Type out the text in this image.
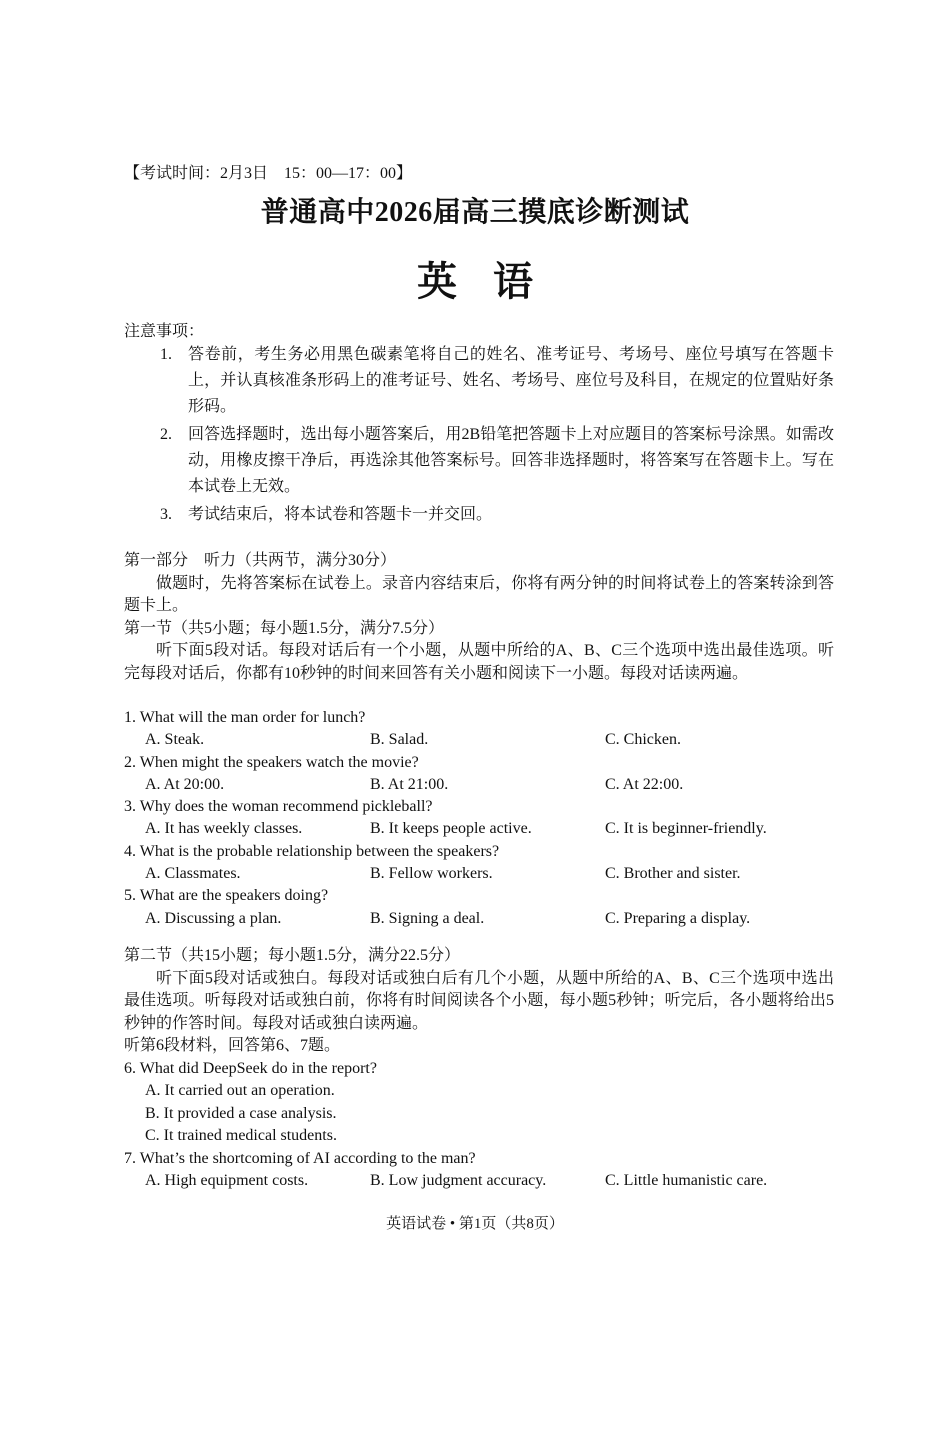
【考试时间：2月3日　15：00—17：00】
普通高中2026届高三摸底诊断测试
英语
注意事项：
1. 答卷前，考生务必用黑色碳素笔将自己的姓名、准考证号、考场号、座位号填写在答题卡上，并认真核准条形码上的准考证号、姓名、考场号、座位号及科目，在规定的位置贴好条形码。
2. 回答选择题时，选出每小题答案后，用2B铅笔把答题卡上对应题目的答案标号涂黑。如需改动，用橡皮擦干净后，再选涂其他答案标号。回答非选择题时，将答案写在答题卡上。写在本试卷上无效。
3. 考试结束后，将本试卷和答题卡一并交回。
第一部分　听力（共两节，满分30分）
做题时，先将答案标在试卷上。录音内容结束后，你将有两分钟的时间将试卷上的答案转涂到答题卡上。
第一节（共5小题；每小题1.5分，满分7.5分）
听下面5段对话。每段对话后有一个小题，从题中所给的A、B、C三个选项中选出最佳选项。听完每段对话后，你都有10秒钟的时间来回答有关小题和阅读下一小题。每段对话读两遍。
1. What will the man order for lunch?
A. Steak.	B. Salad.	C. Chicken.
2. When might the speakers watch the movie?
A. At 20:00.	B. At 21:00.	C. At 22:00.
3. Why does the woman recommend pickleball?
A. It has weekly classes.	B. It keeps people active.	C. It is beginner-friendly.
4. What is the probable relationship between the speakers?
A. Classmates.	B. Fellow workers.	C. Brother and sister.
5. What are the speakers doing?
A. Discussing a plan.	B. Signing a deal.	C. Preparing a display.
第二节（共15小题；每小题1.5分，满分22.5分）
听下面5段对话或独白。每段对话或独白后有几个小题，从题中所给的A、B、C三个选项中选出最佳选项。听每段对话或独白前，你将有时间阅读各个小题，每小题5秒钟；听完后，各小题将给出5秒钟的作答时间。每段对话或独白读两遍。
听第6段材料，回答第6、7题。
6. What did DeepSeek do in the report?
A. It carried out an operation.
B. It provided a case analysis.
C. It trained medical students.
7. What’s the shortcoming of AI according to the man?
A. High equipment costs.	B. Low judgment accuracy.	C. Little humanistic care.
英语试卷 • 第1页（共8页）
